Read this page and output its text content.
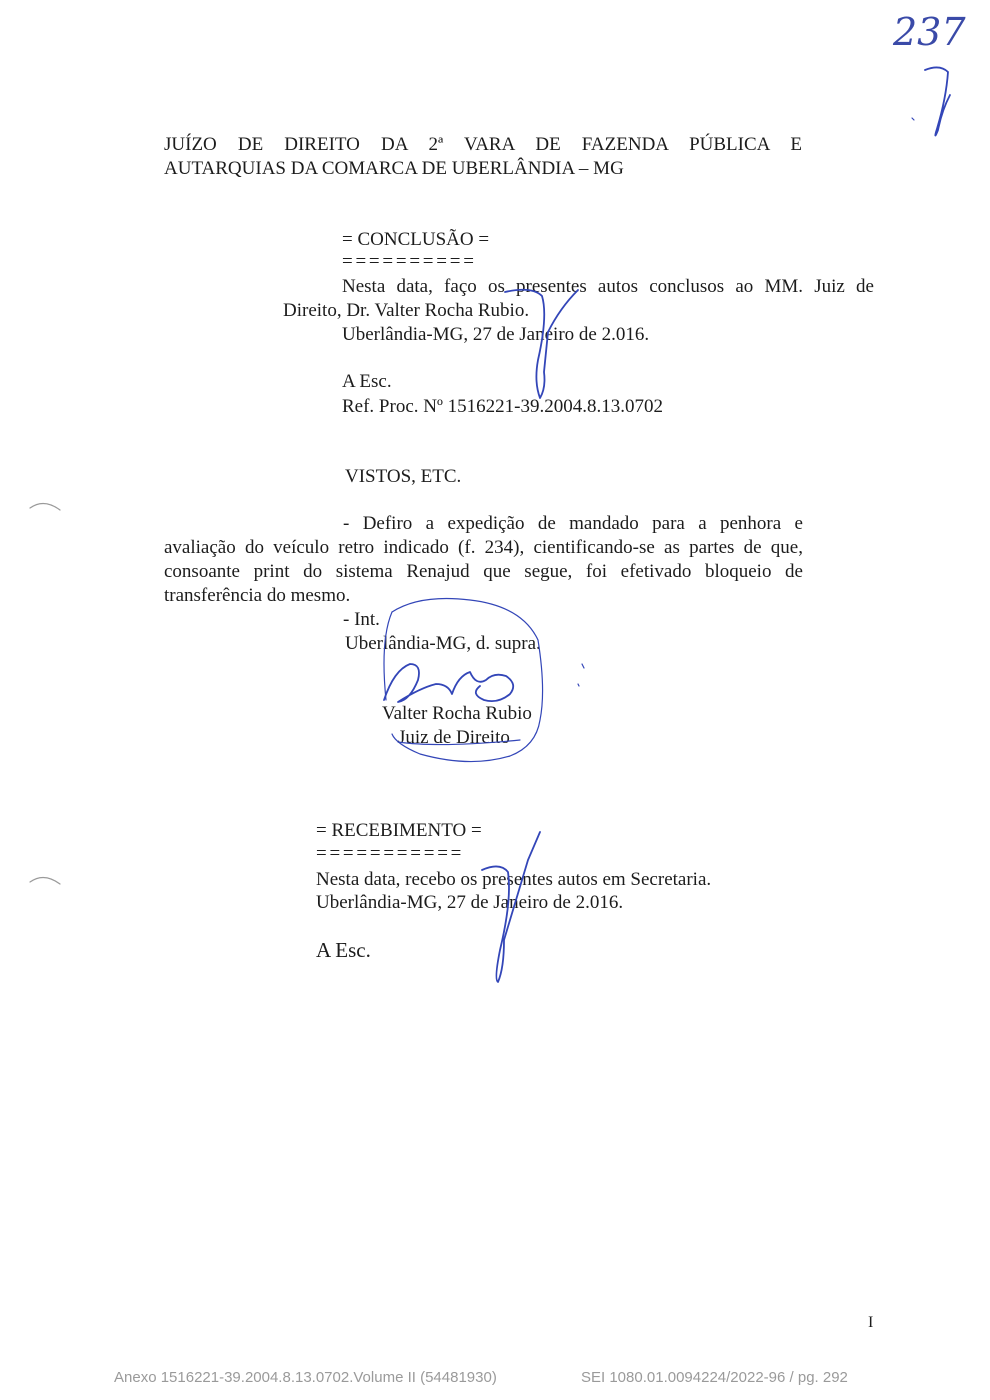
237
JUÍZO DE DIREITO DA 2ª VARA DE FAZENDA PÚBLICA E
AUTARQUIAS DA COMARCA DE UBERLÂNDIA – MG
= CONCLUSÃO =
= = = = = = = = = =
Nesta data, faço os presentes autos conclusos ao MM. Juiz de
Direito, Dr. Valter Rocha Rubio.
Uberlândia-MG, 27 de Janeiro de 2.016.
A Esc.
Ref. Proc. Nº 1516221-39.2004.8.13.0702
VISTOS, ETC.
- Defiro a expedição de mandado para a penhora e
avaliação do veículo retro indicado (f. 234), cientificando-se as partes de que,
consoante print do sistema Renajud que segue, foi efetivado bloqueio de
transferência do mesmo.
- Int.
Uberlândia-MG, d. supra.
Valter Rocha Rubio
Juiz de Direito
= RECEBIMENTO =
= = = = = = = = = = =
Nesta data, recebo os presentes autos em Secretaria.
Uberlândia-MG, 27 de Janeiro de 2.016.
A Esc.
I
Anexo 1516221-39.2004.8.13.0702.Volume II (54481930)	SEI 1080.01.0094224/2022-96 / pg. 292
